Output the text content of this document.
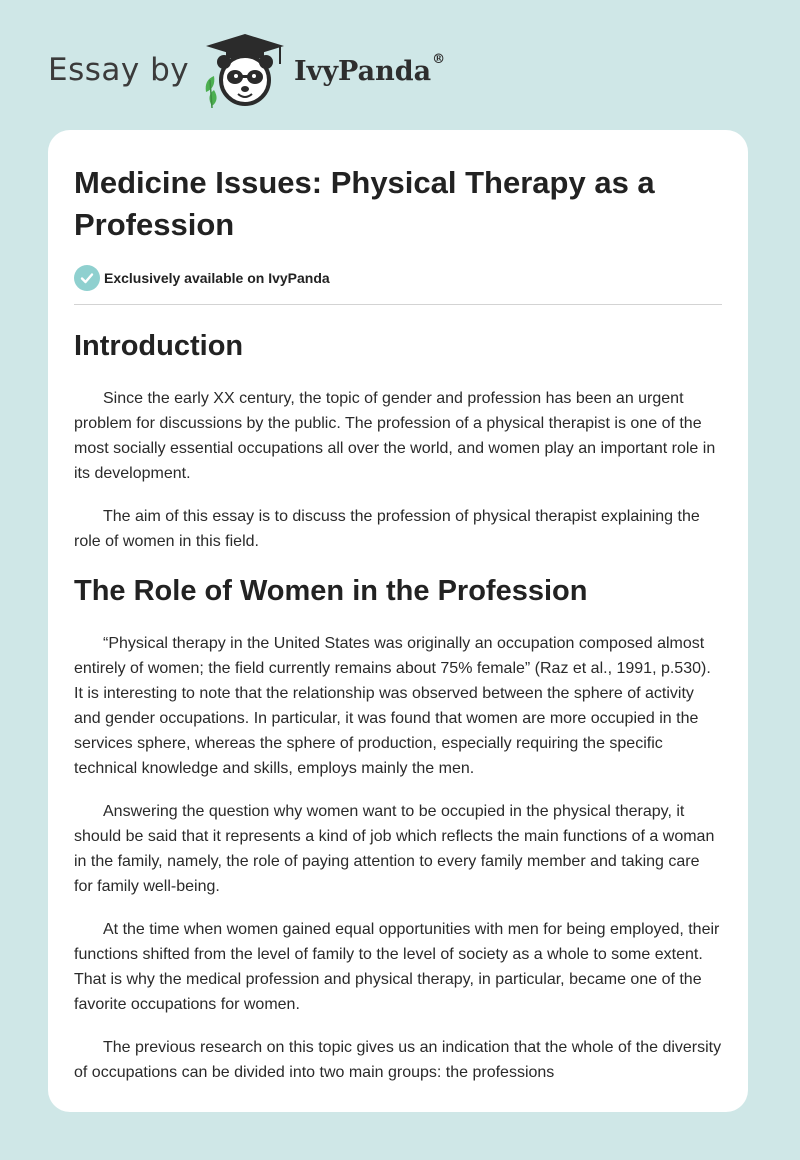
Essay by	IvyPanda®
Medicine Issues: Physical Therapy as a Profession
Exclusively available on IvyPanda
Introduction

Since the early XX century, the topic of gender and profession has been an urgent problem for discussions by the public. The profession of a physical therapist is one of the most socially essential occupations all over the world, and women play an important role in its development.

The aim of this essay is to discuss the profession of physical therapist explaining the role of women in this field.

The Role of Women in the Profession

“Physical therapy in the United States was originally an occupation composed almost entirely of women; the field currently remains about 75% female” (Raz et al., 1991, p.530). It is interesting to note that the relationship was observed between the sphere of activity and gender occupations. In particular, it was found that women are more occupied in the services sphere, whereas the sphere of production, especially requiring the specific technical knowledge and skills, employs mainly the men.

Answering the question why women want to be occupied in the physical therapy, it should be said that it represents a kind of job which reflects the main functions of a woman in the family, namely, the role of paying attention to every family member and taking care for family well-being.

At the time when women gained equal opportunities with men for being employed, their functions shifted from the level of family to the level of society as a whole to some extent. That is why the medical profession and physical therapy, in particular, became one of the favorite occupations for women.

The previous research on this topic gives us an indication that the whole of the diversity of occupations can be divided into two main groups: the professions
